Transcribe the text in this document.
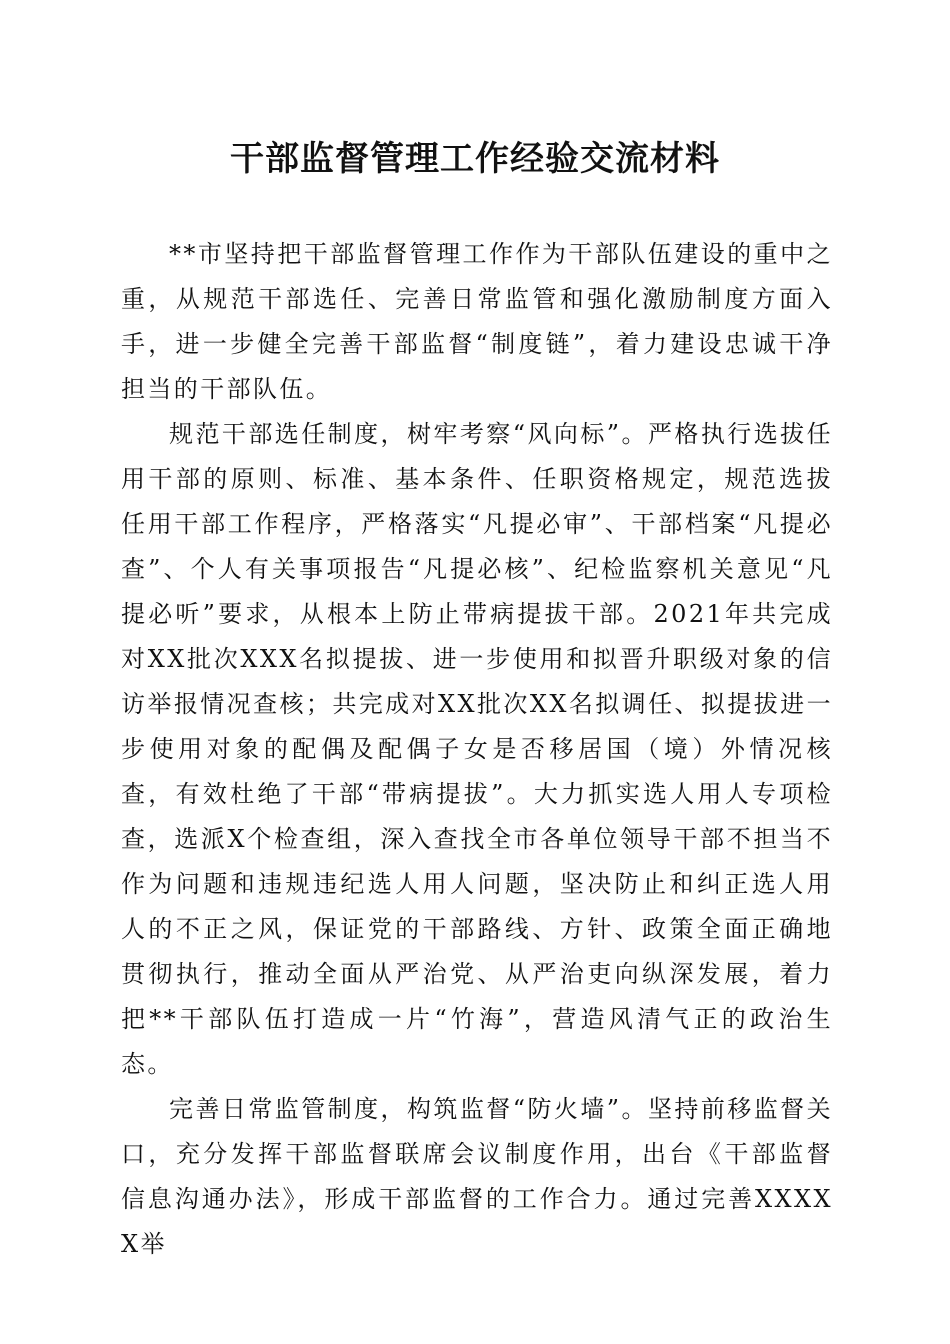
干部监督管理工作经验交流材料

**市坚持把干部监督管理工作作为干部队伍建设的重中之重，从规范干部选任、完善日常监管和强化激励制度方面入手，进一步健全完善干部监督“制度链”，着力建设忠诚干净担当的干部队伍。

规范干部选任制度，树牢考察“风向标”。严格执行选拔任用干部的原则、标准、基本条件、任职资格规定，规范选拔任用干部工作程序，严格落实“凡提必审”、干部档案“凡提必查”、个人有关事项报告“凡提必核”、纪检监察机关意见“凡提必听”要求，从根本上防止带病提拔干部。2021年共完成对XX批次XXX名拟提拔、进一步使用和拟晋升职级对象的信访举报情况查核；共完成对XX批次XX名拟调任、拟提拔进一步使用对象的配偶及配偶子女是否移居国（境）外情况核查，有效杜绝了干部“带病提拔”。大力抓实选人用人专项检查，选派X个检查组，深入查找全市各单位领导干部不担当不作为问题和违规违纪选人用人问题，坚决防止和纠正选人用人的不正之风，保证党的干部路线、方针、政策全面正确地贯彻执行，推动全面从严治党、从严治吏向纵深发展，着力把**干部队伍打造成一片“竹海”，营造风清气正的政治生态。

完善日常监管制度，构筑监督“防火墙”。坚持前移监督关口，充分发挥干部监督联席会议制度作用，出台《干部监督信息沟通办法》，形成干部监督的工作合力。通过完善XXXXX举
